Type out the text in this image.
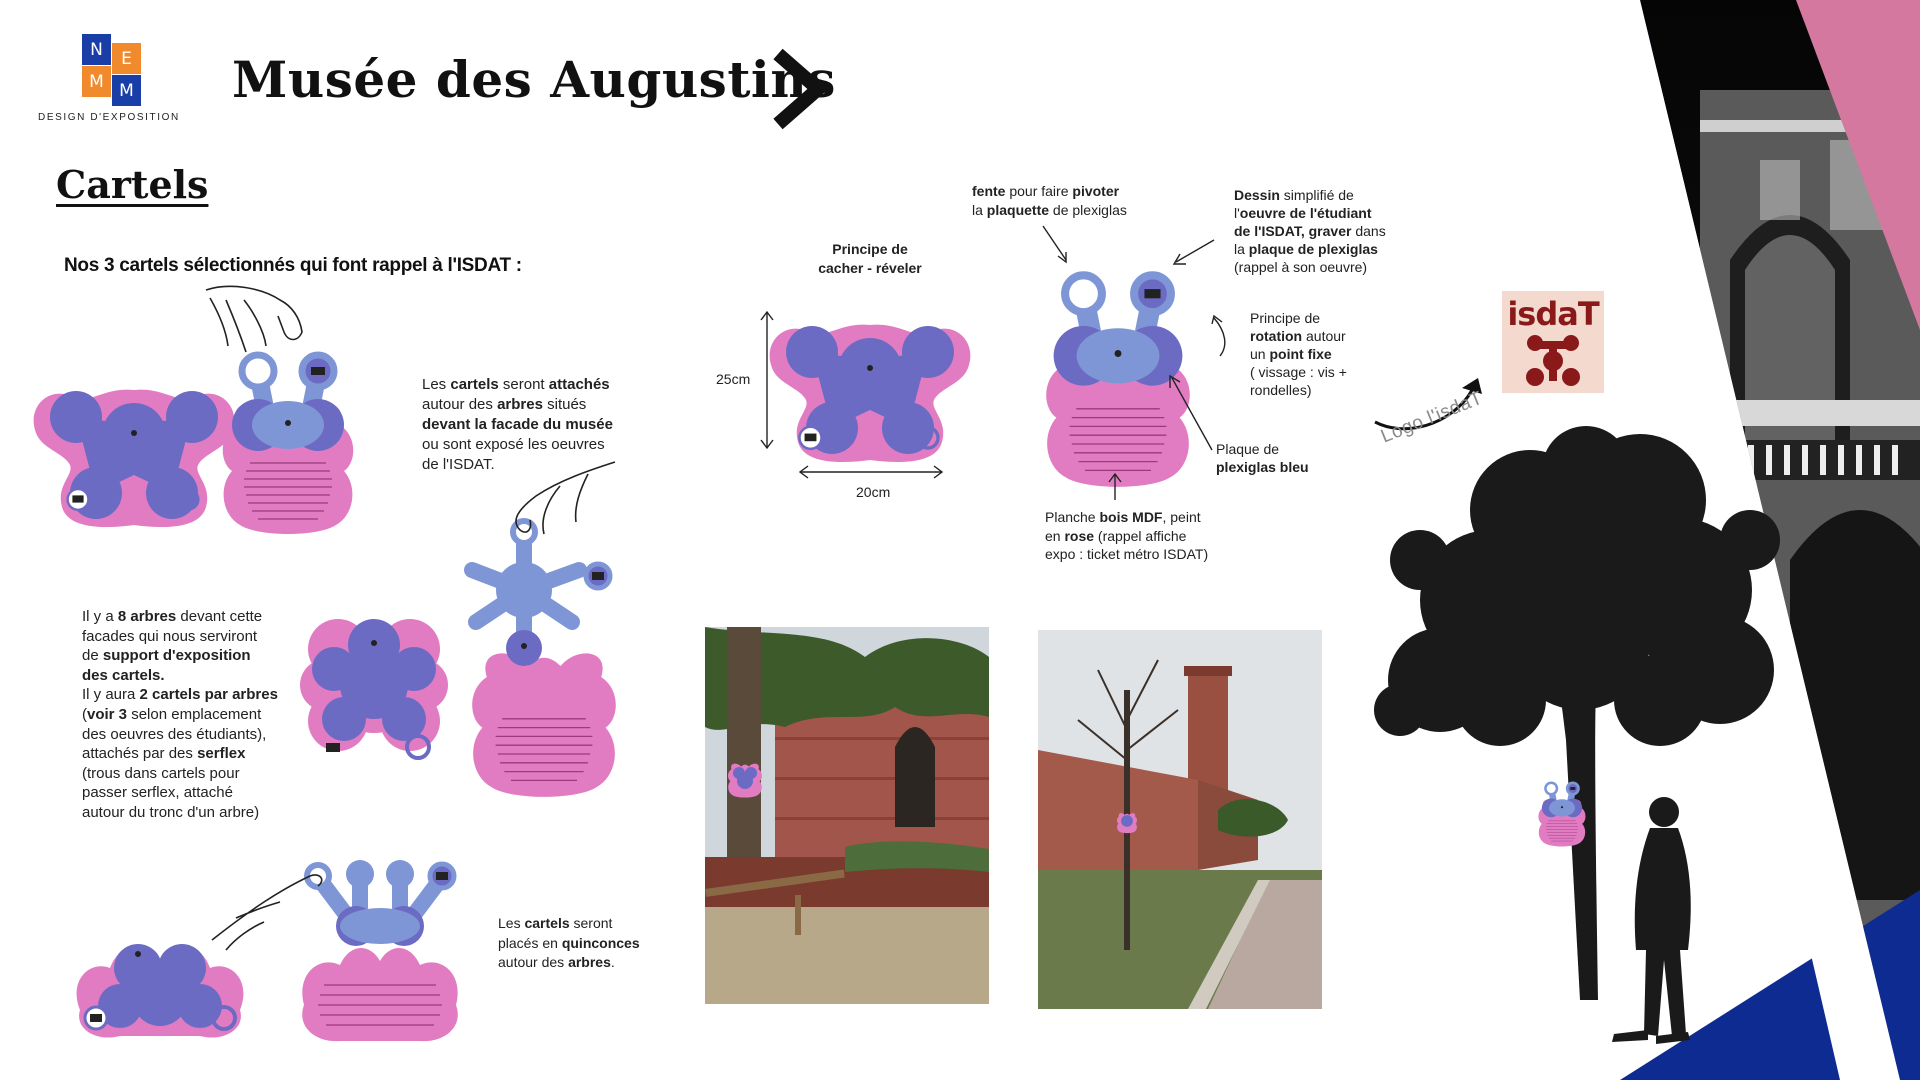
N	E
M M
DESIGN D'EXPOSITION
Musée des Augustins
Cartels
Nos 3 cartels sélectionnés qui font rappel à l'ISDAT :
Les cartels seront attachés
autour des arbres situés
devant la facade du musée
ou sont exposé les oeuvres
de l'ISDAT.
Il y a 8 arbres devant cette
facades qui nous serviront
de support d'exposition
des cartels.
Il y aura 2 cartels par arbres
(voir 3 selon emplacement
des oeuvres des étudiants),
attachés par des serflex
(trous dans cartels pour
passer serflex, attaché
autour du tronc d'un arbre)
Les cartels seront
placés en quinconces
autour des arbres.
Principe de
cacher - réveler
25cm
20cm
fente pour faire pivoter
la plaquette de plexiglas
Dessin simplifié de
l'oeuvre de l'étudiant
de l'ISDAT, graver dans
la plaque de plexiglas
(rappel à son oeuvre)
Principe de
rotation autour
un point fixe
( vissage : vis +
rondelles)
Plaque de
plexiglas bleu
Planche bois MDF, peint
en rose (rappel affiche
expo : ticket métro ISDAT)
isdaT
Logo l'isdaT
